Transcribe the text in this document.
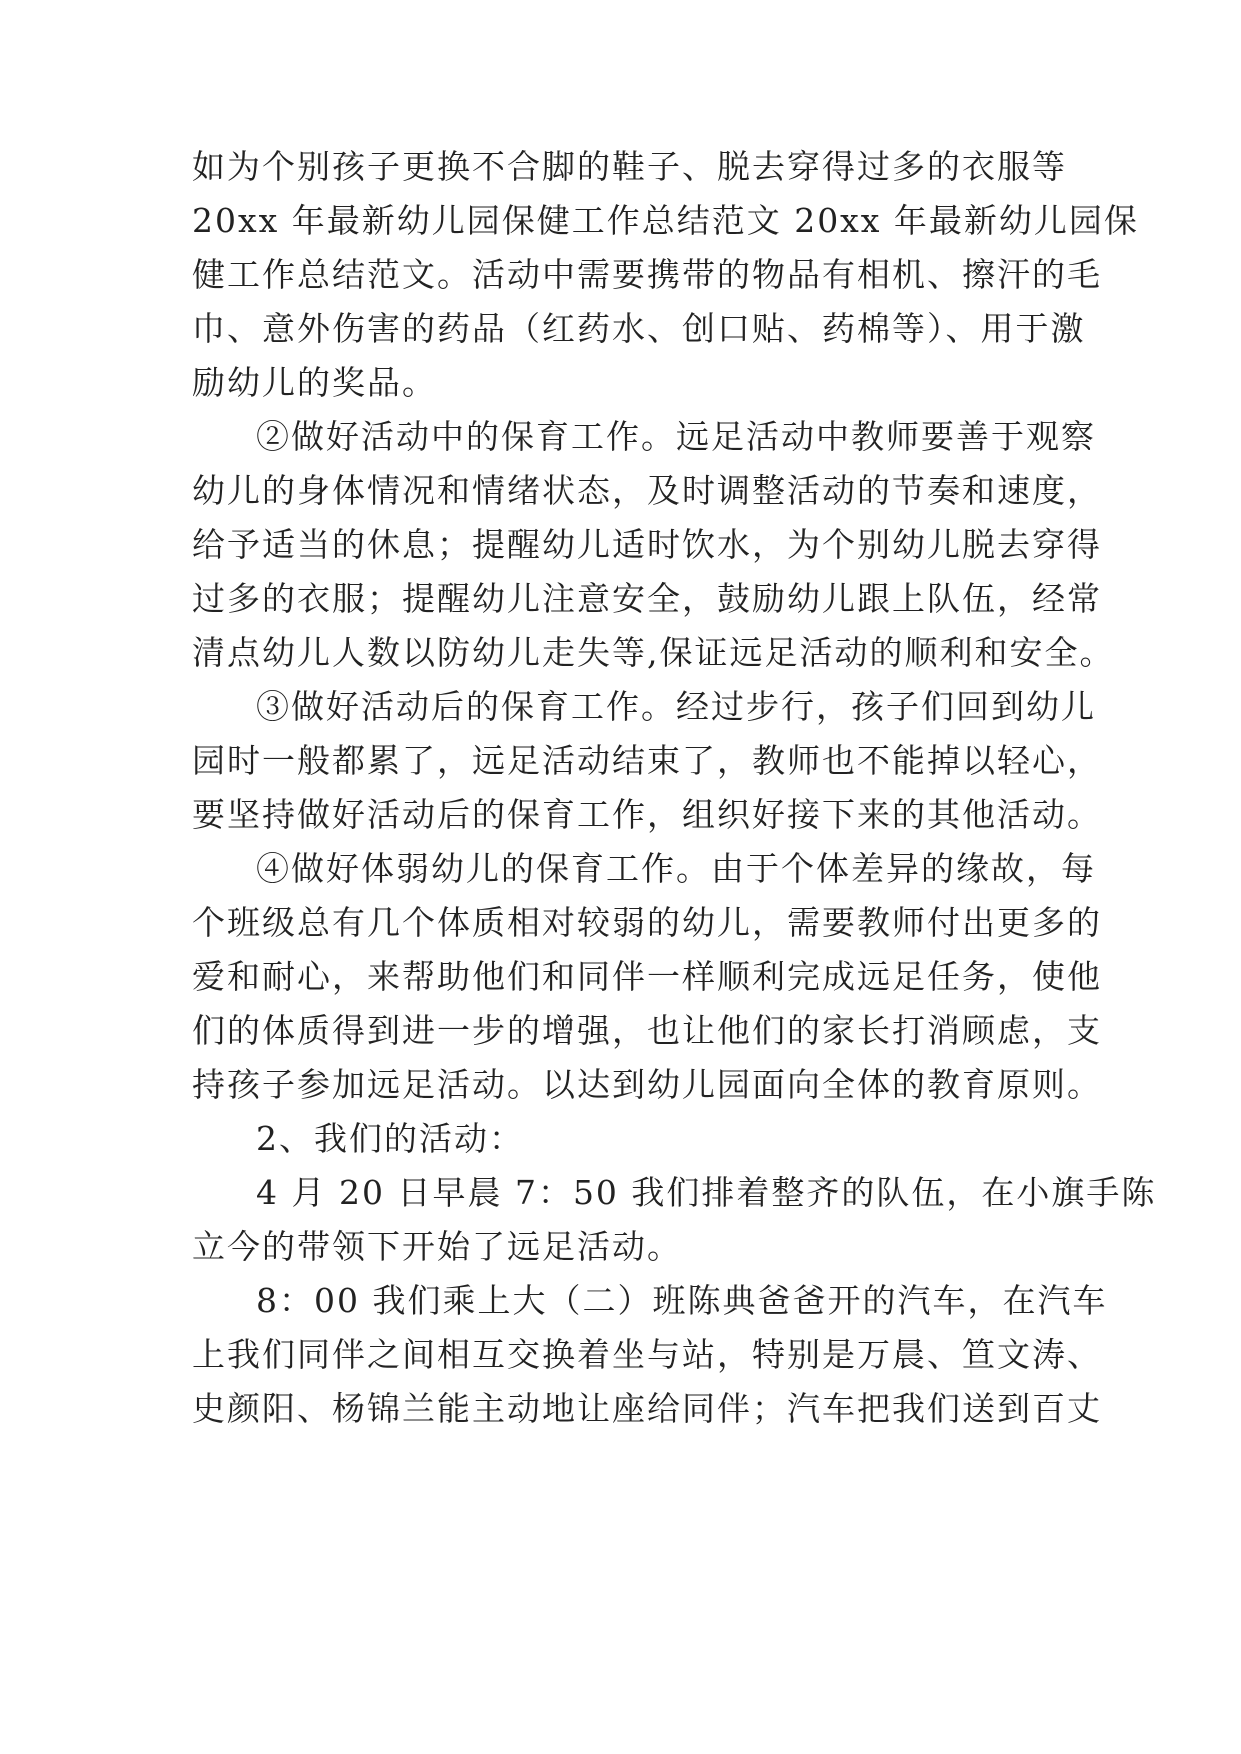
如为个别孩子更换不合脚的鞋子、脱去穿得过多的衣服等

20xx 年最新幼儿园保健工作总结范文 20xx 年最新幼儿园保

健工作总结范文。活动中需要携带的物品有相机、擦汗的毛

巾、意外伤害的药品（红药水、创口贴、药棉等）、用于激

励幼儿的奖品。

②做好活动中的保育工作。远足活动中教师要善于观察

幼儿的身体情况和情绪状态，及时调整活动的节奏和速度，

给予适当的休息；提醒幼儿适时饮水，为个别幼儿脱去穿得

过多的衣服；提醒幼儿注意安全，鼓励幼儿跟上队伍，经常

清点幼儿人数以防幼儿走失等,保证远足活动的顺利和安全。

③做好活动后的保育工作。经过步行，孩子们回到幼儿

园时一般都累了，远足活动结束了，教师也不能掉以轻心，

要坚持做好活动后的保育工作，组织好接下来的其他活动。

④做好体弱幼儿的保育工作。由于个体差异的缘故，每

个班级总有几个体质相对较弱的幼儿，需要教师付出更多的

爱和耐心，来帮助他们和同伴一样顺利完成远足任务，使他

们的体质得到进一步的增强，也让他们的家长打消顾虑，支

持孩子参加远足活动。以达到幼儿园面向全体的教育原则。

2、我们的活动：

4 月 20 日早晨 7：50 我们排着整齐的队伍，在小旗手陈

立今的带领下开始了远足活动。

8：00 我们乘上大（二）班陈典爸爸开的汽车，在汽车

上我们同伴之间相互交换着坐与站，特别是万晨、笪文涛、

史颜阳、杨锦兰能主动地让座给同伴；汽车把我们送到百丈
